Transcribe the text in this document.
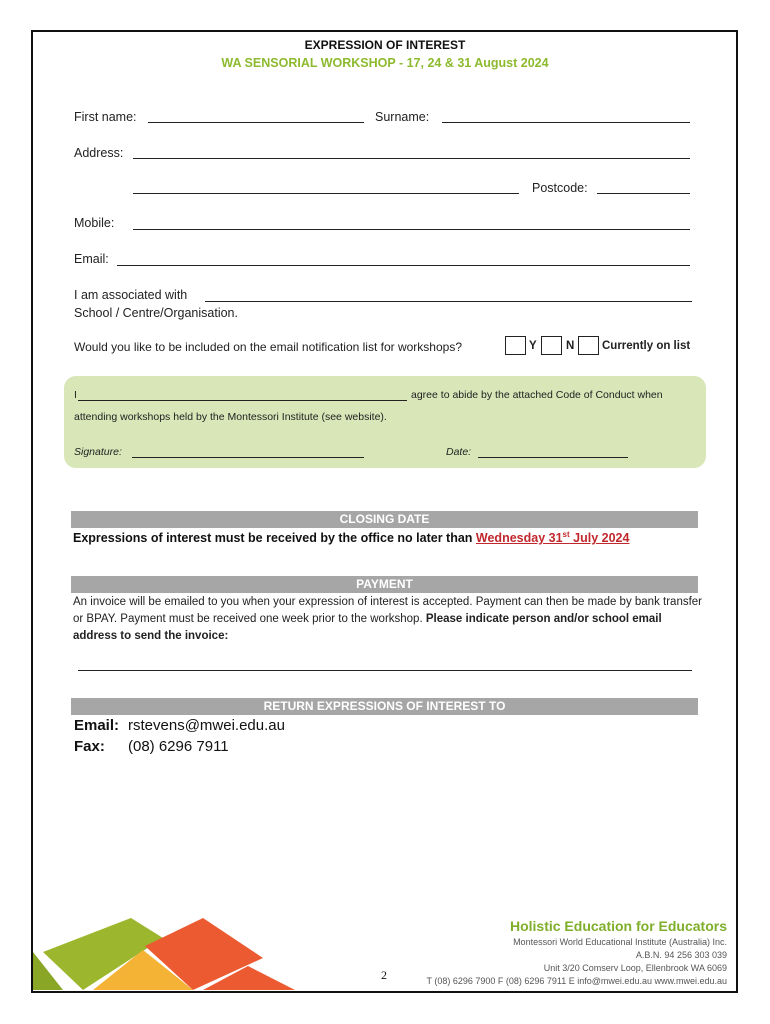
EXPRESSION OF INTEREST
WA SENSORIAL WORKSHOP - 17, 24 & 31 August 2024
First name:	Surname:
Address:
Postcode:
Mobile:
Email:
I am associated with
School / Centre/Organisation.
Would you like to be included on the email notification list for workshops?	Y	N Currently on list
I	agree to abide by the attached Code of Conduct when
attending workshops held by the Montessori Institute (see website).
Signature:	Date:
CLOSING DATE
Expressions of interest must be received by the office no later than Wednesday 31st July 2024
PAYMENT
An invoice will be emailed to you when your expression of interest is accepted. Payment can then be made by bank transfer or BPAY. Payment must be received one week prior to the workshop. Please indicate person and/or school email address to send the invoice:
RETURN EXPRESSIONS OF INTEREST TO
Email: rstevens@mwei.edu.au
Fax: (08) 6296 7911
Holistic Education for Educators
Montessori World Educational Institute (Australia) Inc.
A.B.N. 94 256 303 039
Unit 3/20 Comserv Loop, Ellenbrook WA 6069
T (08) 6296 7900 F (08) 6296 7911 E info@mwei.edu.au www.mwei.edu.au
2
